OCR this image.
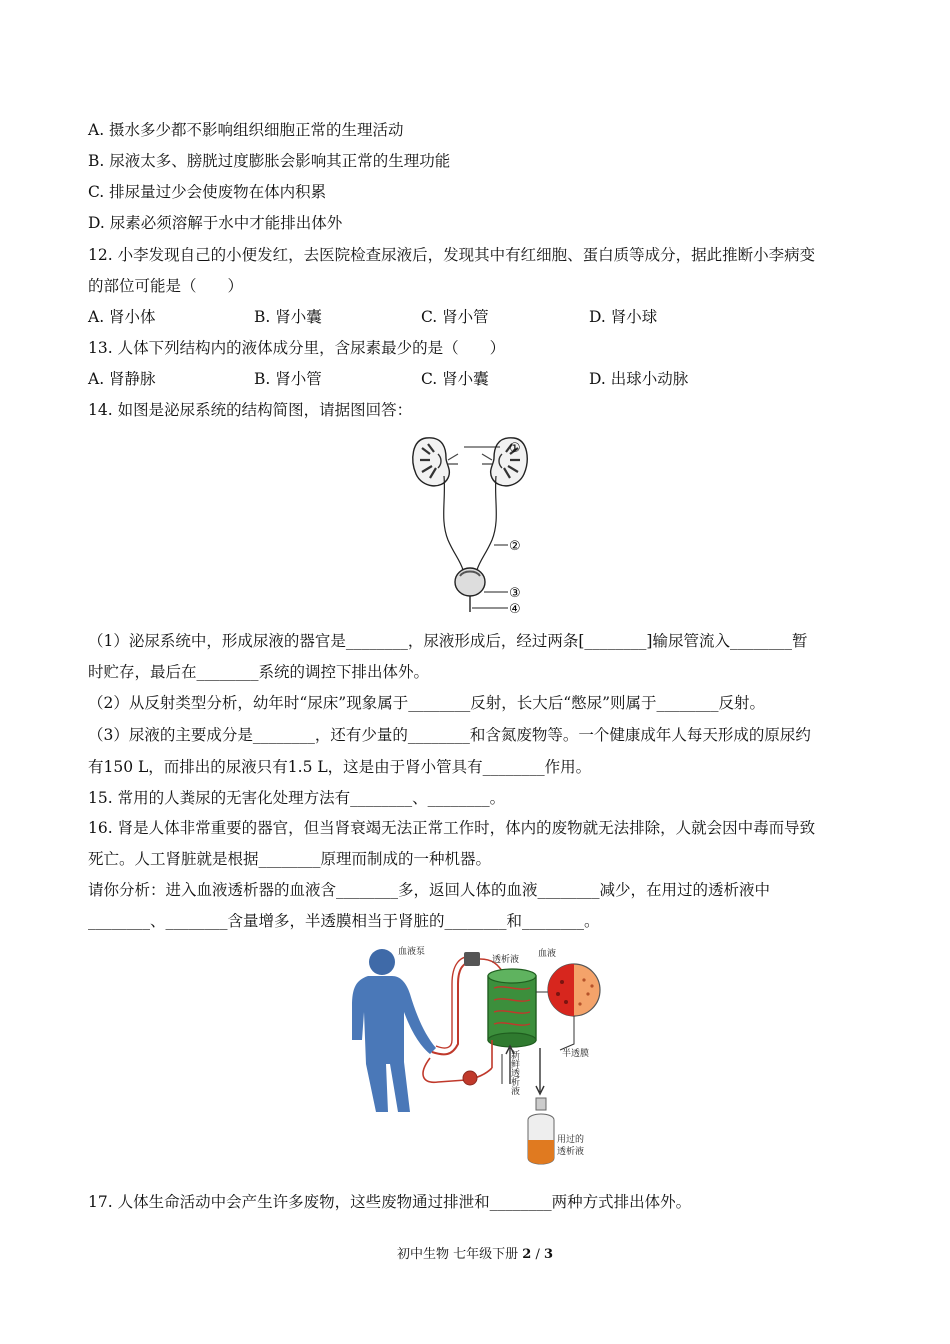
A. 摄水多少都不影响组织细胞正常的生理活动
B. 尿液太多、膀胱过度膨胀会影响其正常的生理功能
C. 排尿量过少会使废物在体内积累
D. 尿素必须溶解于水中才能排出体外
12. 小李发现自己的小便发红，去医院检查尿液后，发现其中有红细胞、蛋白质等成分，据此推断小李病变
的部位可能是（　　）
A. 肾小体	B. 肾小囊	C. 肾小管	D. 肾小球
13. 人体下列结构内的液体成分里，含尿素最少的是（　　）
A. 肾静脉	B. 肾小管	C. 肾小囊	D. 出球小动脉
14. 如图是泌尿系统的结构简图，请据图回答：
①
②
③
④
（1）泌尿系统中，形成尿液的器官是________，尿液形成后，经过两条[________]输尿管流入________暂
时贮存，最后在________系统的调控下排出体外。
（2）从反射类型分析，幼年时“尿床”现象属于________反射，长大后“憋尿”则属于________反射。
（3）尿液的主要成分是________，还有少量的________和含氮废物等。一个健康成年人每天形成的原尿约
有150 L，而排出的尿液只有1.5 L，这是由于肾小管具有________作用。
15. 常用的人粪尿的无害化处理方法有________、________。
16. 肾是人体非常重要的器官，但当肾衰竭无法正常工作时，体内的废物就无法排除，人就会因中毒而导致
死亡。人工肾脏就是根据________原理而制成的一种机器。
请你分析：进入血液透析器的血液含________多，返回人体的血液________减少，在用过的透析液中
________、________含量增多，半透膜相当于肾脏的________和________。
血液泵
透析液
血液
半透膜
新鲜透析液
用过的
透析液
17. 人体生命活动中会产生许多废物，这些废物通过排泄和________两种方式排出体外。
初中生物 七年级下册 2 / 3
